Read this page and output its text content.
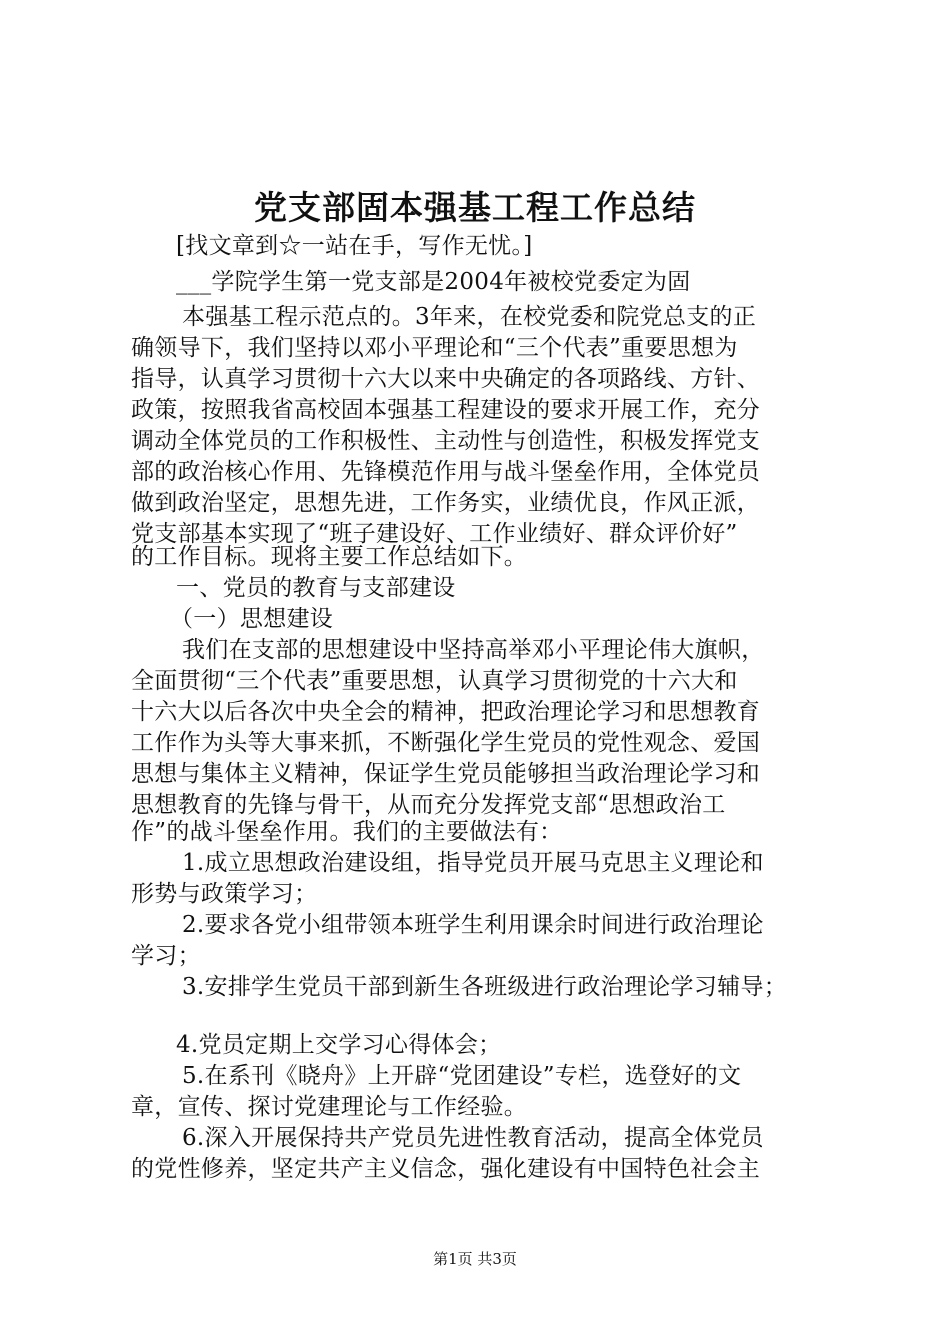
党支部固本强基工程工作总结
[找文章到☆一站在手，写作无忧。]
___学院学生第一党支部是2004年被校党委定为固
本强基工程示范点的。3年来，在校党委和院党总支的正
确领导下，我们坚持以邓小平理论和“三个代表”重要思想为
指导，认真学习贯彻十六大以来中央确定的各项路线、方针、
政策，按照我省高校固本强基工程建设的要求开展工作，充分
调动全体党员的工作积极性、主动性与创造性，积极发挥党支
部的政治核心作用、先锋模范作用与战斗堡垒作用，全体党员
做到政治坚定，思想先进，工作务实，业绩优良，作风正派，
党支部基本实现了“班子建设好、工作业绩好、群众评价好”
的工作目标。现将主要工作总结如下。
一、党员的教育与支部建设
（一）思想建设
我们在支部的思想建设中坚持高举邓小平理论伟大旗帜，
全面贯彻“三个代表”重要思想，认真学习贯彻党的十六大和
十六大以后各次中央全会的精神，把政治理论学习和思想教育
工作作为头等大事来抓，不断强化学生党员的党性观念、爱国
思想与集体主义精神，保证学生党员能够担当政治理论学习和
思想教育的先锋与骨干，从而充分发挥党支部“思想政治工
作”的战斗堡垒作用。我们的主要做法有：
1.成立思想政治建设组，指导党员开展马克思主义理论和
形势与政策学习；
2.要求各党小组带领本班学生利用课余时间进行政治理论
学习；
3.安排学生党员干部到新生各班级进行政治理论学习辅导；
4.党员定期上交学习心得体会；
5.在系刊《晓舟》上开辟“党团建设”专栏，选登好的文
章，宣传、探讨党建理论与工作经验。
6.深入开展保持共产党员先进性教育活动，提高全体党员
的党性修养，坚定共产主义信念，强化建设有中国特色社会主
第1页 共3页
